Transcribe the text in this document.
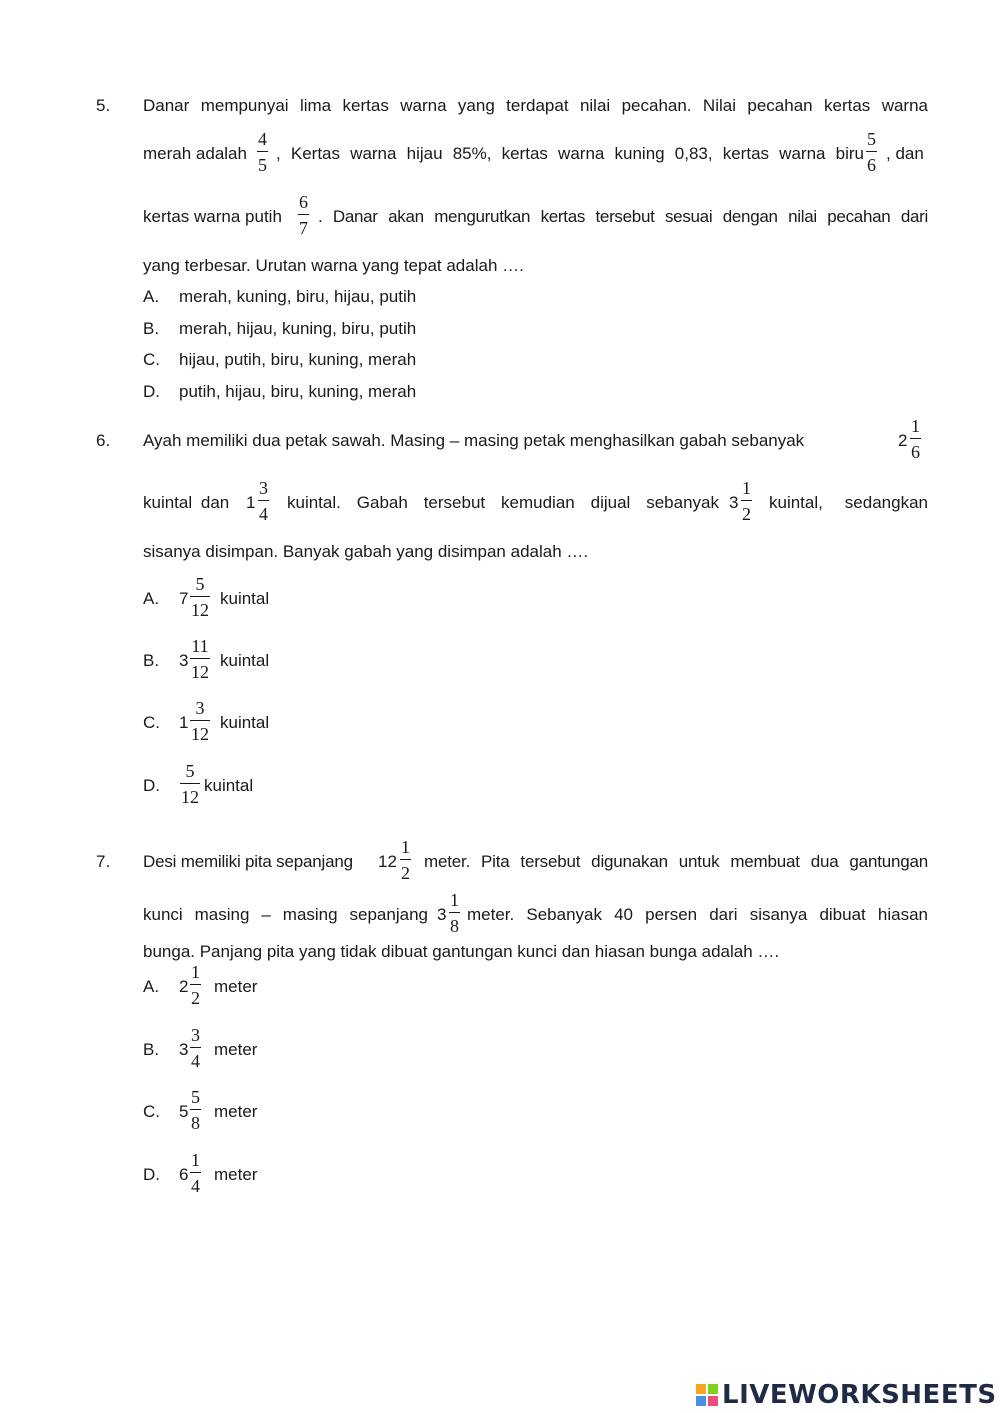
5. Danar mempunyai lima kertas warna yang terdapat nilai pecahan. Nilai pecahan kertas warna
merah adalah
4
5
, Kertas warna hijau 85%, kertas warna kuning 0,83, kertas warna biru
5
6
, dan
kertas warna putih
6
7
. Danar akan mengurutkan kertas tersebut sesuai dengan nilai pecahan dari
yang terbesar. Urutan warna yang tepat adalah ….
A. merah, kuning, biru, hijau, putih
B. merah, hijau, kuning, biru, putih
C. hijau, putih, biru, kuning, merah
D. putih, hijau, biru, kuning, merah
6. Ayah memiliki dua petak sawah. Masing – masing petak menghasilkan gabah sebanyak	2
1
6
kuintal dan 1
3
4
kuintal. Gabah tersebut kemudian dijual sebanyak 3
1
2
kuintal, sedangkan
sisanya disimpan. Banyak gabah yang disimpan adalah ….
A. 7
5
12
kuintal
B. 3
11
12
kuintal
C. 1
3
12
kuintal
D.
5
12
kuintal
7. Desi memiliki pita sepanjang 12
1
2
meter. Pita tersebut digunakan untuk membuat dua gantungan
kunci masing – masing sepanjang 3
1
8
meter. Sebanyak 40 persen dari sisanya dibuat hiasan
bunga. Panjang pita yang tidak dibuat gantungan kunci dan hiasan bunga adalah ….
A. 2
1
2
meter
B. 3
3
4
meter
C. 5
5
8
meter
D. 6
1
4
meter
LIVEWORKSHEETS
